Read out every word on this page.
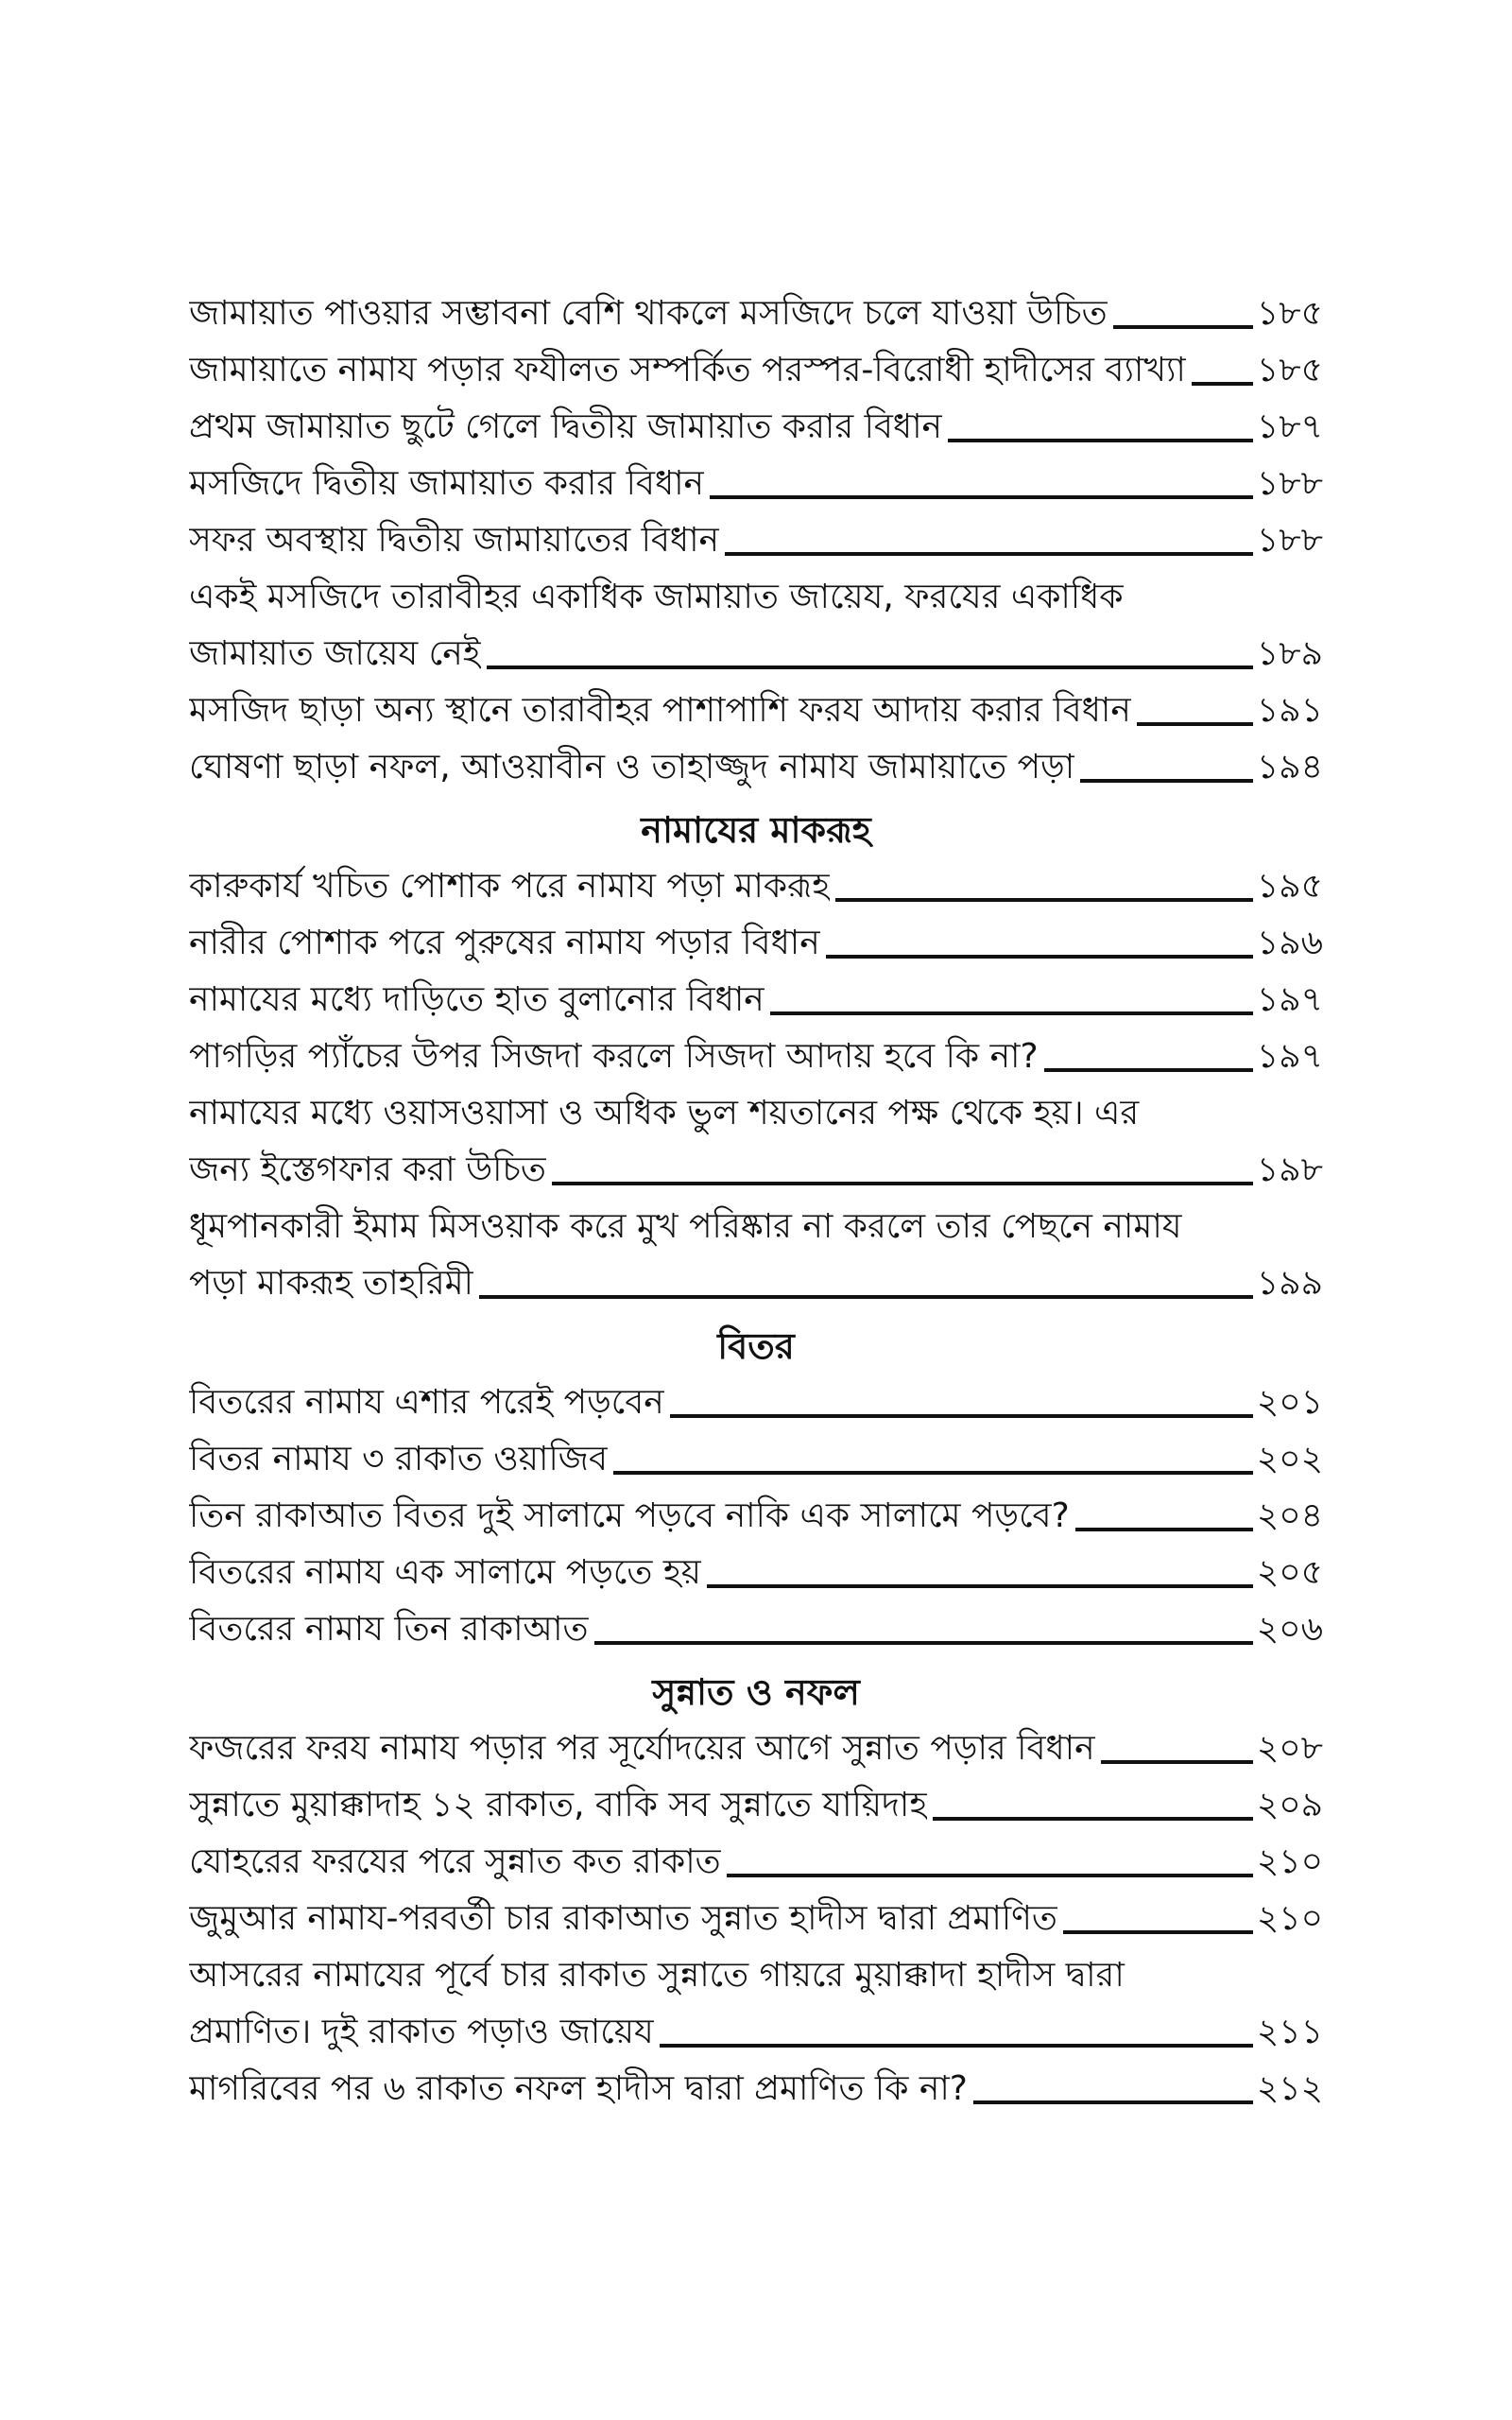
জামায়াত পাওয়ার সম্ভাবনা বেশি থাকলে মসজিদে চলে যাওয়া উচিত	১৮৫
জামায়াতে নামায পড়ার ফযীলত সম্পর্কিত পরস্পর-বিরোধী হাদীসের ব্যাখ্যা ১৮৫
প্রথম জামায়াত ছুটে গেলে দ্বিতীয় জামায়াত করার বিধান	১৮৭
মসজিদে দ্বিতীয় জামায়াত করার বিধান	১৮৮
সফর অবস্থায় দ্বিতীয় জামায়াতের বিধান	১৮৮
একই মসজিদে তারাবীহর একাধিক জামায়াত জায়েয, ফরযের একাধিক
জামায়াত জায়েয নেই	১৮৯
মসজিদ ছাড়া অন্য স্থানে তারাবীহর পাশাপাশি ফরয আদায় করার বিধান	১৯১
ঘোষণা ছাড়া নফল, আওয়াবীন ও তাহাজ্জুদ নামায জামায়াতে পড়া	১৯৪
নামাযের মাকরূহ
কারুকার্য খচিত পোশাক পরে নামায পড়া মাকরূহ	১৯৫
নারীর পোশাক পরে পুরুষের নামায পড়ার বিধান	১৯৬
নামাযের মধ্যে দাড়িতে হাত বুলানোর বিধান	১৯৭
পাগড়ির প্যাঁচের উপর সিজদা করলে সিজদা আদায় হবে কি না?	১৯৭
নামাযের মধ্যে ওয়াসওয়াসা ও অধিক ভুল শয়তানের পক্ষ থেকে হয়। এর
জন্য ইস্তেগফার করা উচিত	১৯৮
ধূমপানকারী ইমাম মিসওয়াক করে মুখ পরিষ্কার না করলে তার পেছনে নামায
পড়া মাকরূহ তাহরিমী	১৯৯
বিতর
বিতরের নামায এশার পরেই পড়বেন	২০১
বিতর নামায ৩ রাকাত ওয়াজিব	২০২
তিন রাকাআত বিতর দুই সালামে পড়বে নাকি এক সালামে পড়বে?	২০৪
বিতরের নামায এক সালামে পড়তে হয়	২০৫
বিতরের নামায তিন রাকাআত	২০৬
সুন্নাত ও নফল
ফজরের ফরয নামায পড়ার পর সূর্যোদয়ের আগে সুন্নাত পড়ার বিধান	২০৮
সুন্নাতে মুয়াক্কাদাহ ১২ রাকাত, বাকি সব সুন্নাতে যায়িদাহ	২০৯
যোহরের ফরযের পরে সুন্নাত কত রাকাত	২১০
জুমুআর নামায-পরবর্তী চার রাকাআত সুন্নাত হাদীস দ্বারা প্রমাণিত	২১০
আসরের নামাযের পূর্বে চার রাকাত সুন্নাতে গায়রে মুয়াক্কাদা হাদীস দ্বারা
প্রমাণিত। দুই রাকাত পড়াও জায়েয	২১১
মাগরিবের পর ৬ রাকাত নফল হাদীস দ্বারা প্রমাণিত কি না?	২১২
